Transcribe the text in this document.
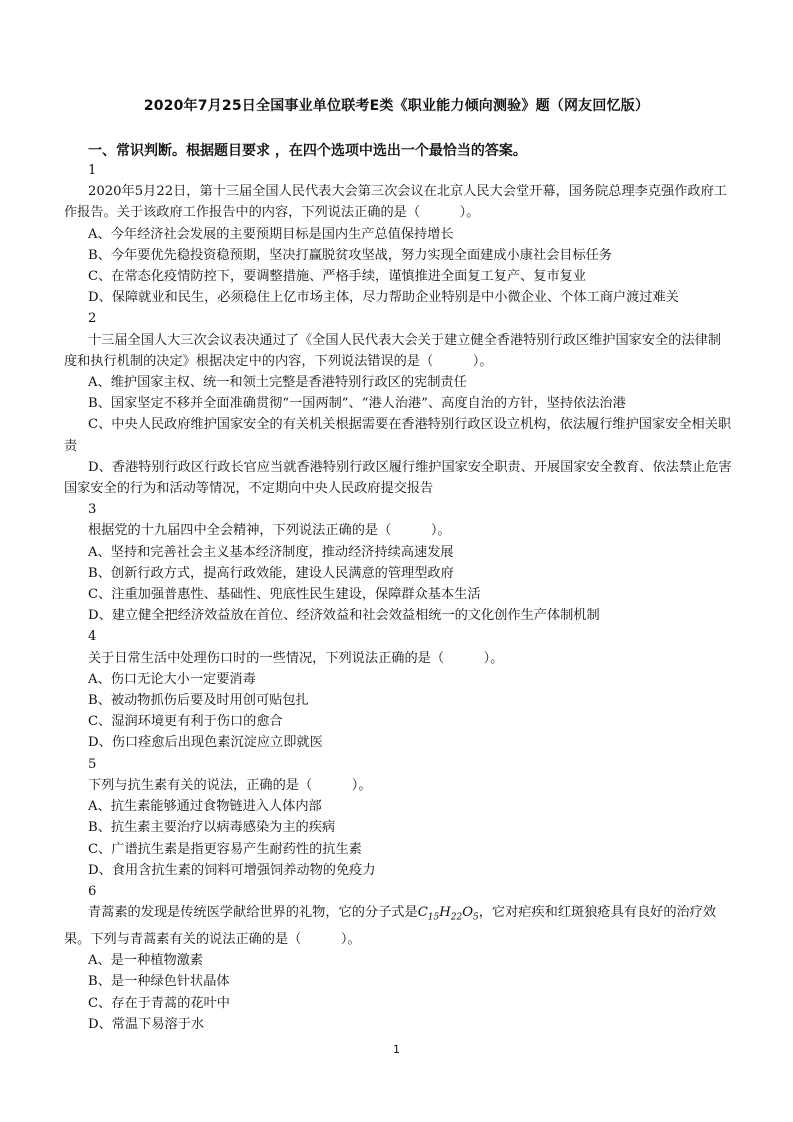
2020年7月25日全国事业单位联考E类《职业能力倾向测验》题（网友回忆版）
一、常识判断。根据题目要求 ，在四个选项中选出一个最恰当的答案。
1
2020年5月22日，第十三届全国人民代表大会第三次会议在北京人民大会堂开幕，国务院总理李克强作政府工作报告。关于该政府工作报告中的内容，下列说法正确的是（　　　）。
A、今年经济社会发展的主要预期目标是国内生产总值保持增长
B、今年要优先稳投资稳预期，坚决打赢脱贫攻坚战，努力实现全面建成小康社会目标任务
C、在常态化疫情防控下，要调整措施、严格手续，谨慎推进全面复工复产、复市复业
D、保障就业和民生，必须稳住上亿市场主体，尽力帮助企业特别是中小微企业、个体工商户渡过难关
2
十三届全国人大三次会议表决通过了《全国人民代表大会关于建立健全香港特别行政区维护国家安全的法律制度和执行机制的决定》根据决定中的内容，下列说法错误的是（　　　）。
A、维护国家主权、统一和领土完整是香港特别行政区的宪制责任
B、国家坚定不移并全面准确贯彻“一国两制”、“港人治港”、高度自治的方针，坚持依法治港
C、中央人民政府维护国家安全的有关机关根据需要在香港特别行政区设立机构，依法履行维护国家安全相关职责
D、香港特别行政区行政长官应当就香港特别行政区履行维护国家安全职责、开展国家安全教育、依法禁止危害国家安全的行为和活动等情况，不定期向中央人民政府提交报告
3
根据党的十九届四中全会精神，下列说法正确的是（　　　）。
A、坚持和完善社会主义基本经济制度，推动经济持续高速发展
B、创新行政方式，提高行政效能，建设人民满意的管理型政府
C、注重加强普惠性、基础性、兜底性民生建设，保障群众基本生活
D、建立健全把经济效益放在首位、经济效益和社会效益相统一的文化创作生产体制机制
4
关于日常生活中处理伤口时的一些情况，下列说法正确的是（　　　）。
A、伤口无论大小一定要消毒
B、被动物抓伤后要及时用创可贴包扎
C、湿润环境更有利于伤口的愈合
D、伤口痊愈后出现色素沉淀应立即就医
5
下列与抗生素有关的说法，正确的是（　　　）。
A、抗生素能够通过食物链进入人体内部
B、抗生素主要治疗以病毒感染为主的疾病
C、广谱抗生素是指更容易产生耐药性的抗生素
D、食用含抗生素的饲料可增强饲养动物的免疫力
6
青蒿素的发现是传统医学献给世界的礼物，它的分子式是$C_{15}H_{22}O_5$，它对疟疾和红斑狼疮具有良好的治疗效果。下列与青蒿素有关的说法正确的是（　　　）。
A、是一种植物激素
B、是一种绿色针状晶体
C、存在于青蒿的花叶中
D、常温下易溶于水
1
